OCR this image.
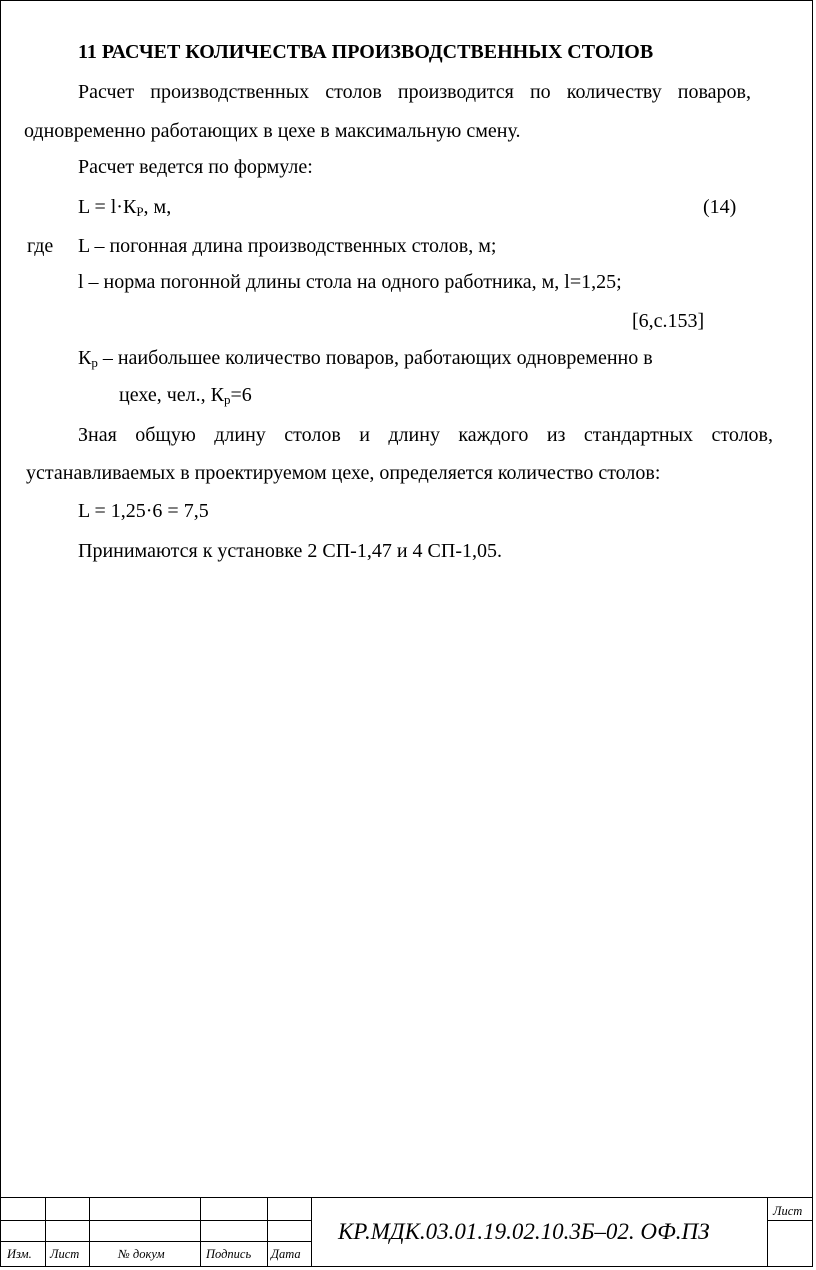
11 РАСЧЕТ КОЛИЧЕСТВА ПРОИЗВОДСТВЕННЫХ СТОЛОВ
Расчет производственных столов производится по количеству поваров,
одновременно работающих в цехе в максимальную смену.
Расчет ведется по формуле:
$L = l\cdot К_Р$, м,	(14)
где L – погонная длина производственных столов, м;
l – норма погонной длины стола на одного работника, м, l=1,25;
[6,с.153]
$К_р$ – наибольшее количество поваров, работающих одновременно в
цехе, чел., $К_р=6$
Зная общую длину столов и длину каждого из стандартных столов,
устанавливаемых в проектируемом цехе, определяется количество столов:
L = 1,25·6 = 7,5
Принимаются к установке 2 СП-1,47 и 4 СП-1,05.
Изм. Лист	№ докум	Подпись Дата
Лист
КР.МДК.03.01.19.02.10.3Б–02. ОФ.ПЗ
